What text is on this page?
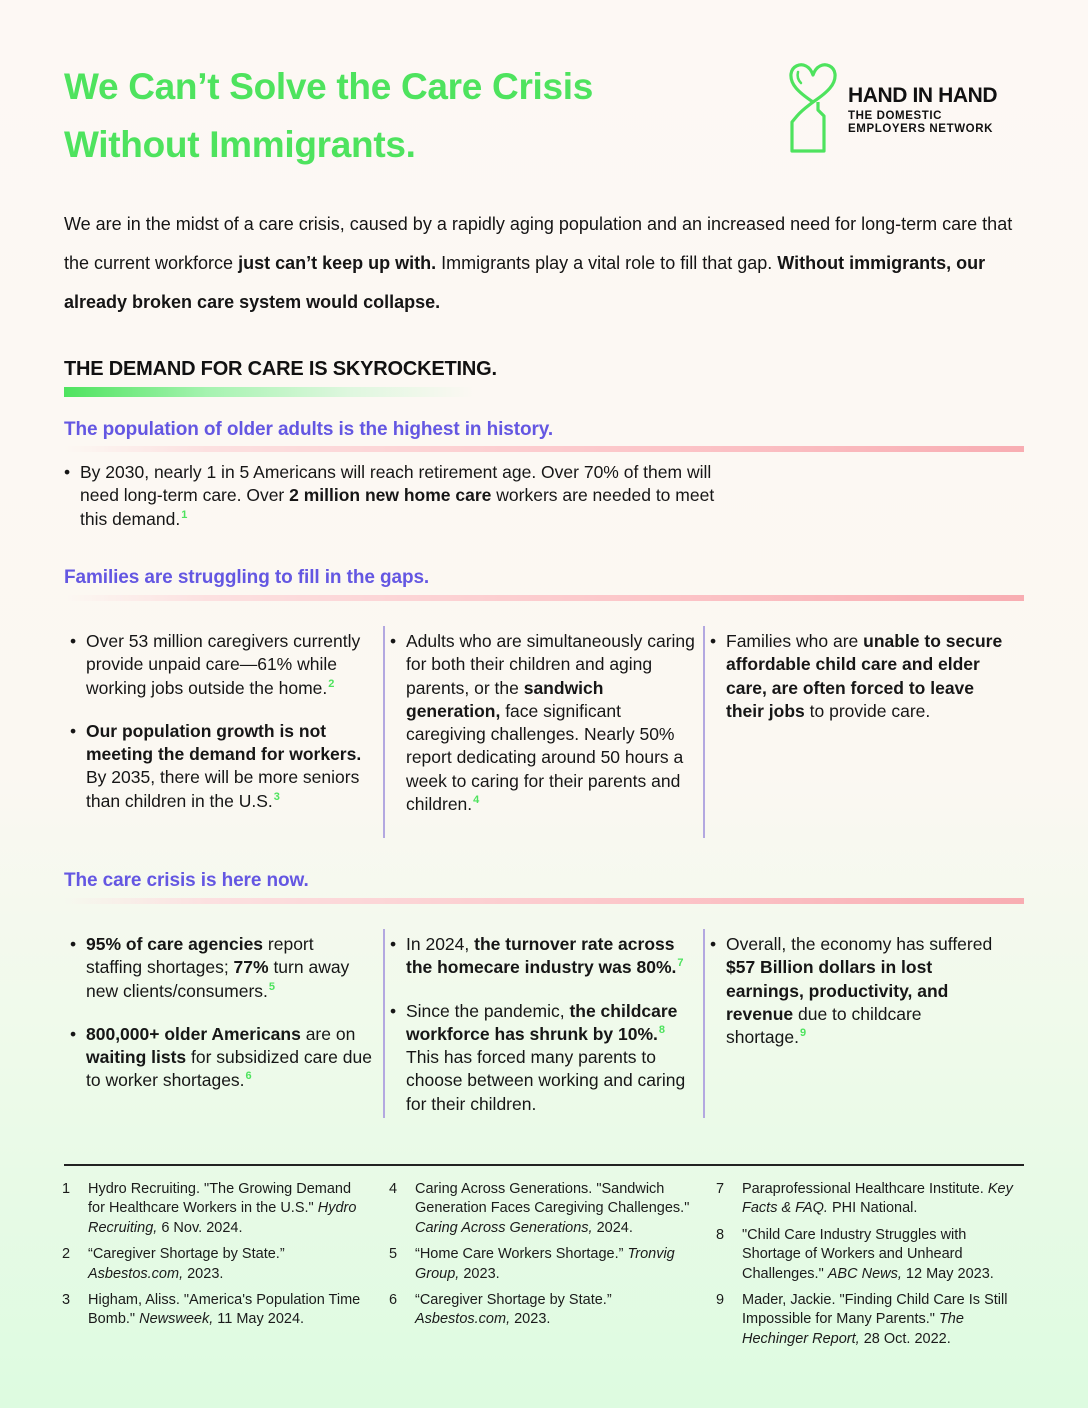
We Can’t Solve the Care Crisis
Without Immigrants.
HAND IN HAND
THE DOMESTIC
EMPLOYERS NETWORK

We are in the midst of a care crisis, caused by a rapidly aging population and an increased need for long-term care that the current workforce just can’t keep up with. Immigrants play a vital role to fill that gap. Without immigrants, our already broken care system would collapse.

THE DEMAND FOR CARE IS SKYROCKETING.
The population of older adults is the highest in history.

• By 2030, nearly 1 in 5 Americans will reach retirement age. Over 70% of them will need long-term care. Over 2 million new home care workers are needed to meet this demand.$^1$

Families are struggling to fill in the gaps.

• Over 53 million caregivers currently provide unpaid care—61% while working jobs outside the home.$^2$

• Our population growth is not meeting the demand for workers. By 2035, there will be more seniors than children in the U.S.$^3$

• Adults who are simultaneously caring for both their children and aging parents, or the sandwich generation, face significant caregiving challenges. Nearly 50% report dedicating around 50 hours a week to caring for their parents and children.$^4$

• Families who are unable to secure affordable child care and elder care, are often forced to leave their jobs to provide care.

The care crisis is here now.

• 95% of care agencies report staffing shortages; 77% turn away new clients/consumers.$^5$

• 800,000+ older Americans are on waiting lists for subsidized care due to worker shortages.$^6$

• In 2024, the turnover rate across the homecare industry was 80%.$^7$

• Since the pandemic, the childcare workforce has shrunk by 10%.$^8$ This has forced many parents to choose between working and caring for their children.

• Overall, the economy has suffered $57 Billion dollars in lost earnings, productivity, and revenue due to childcare shortage.$^9$

1 Hydro Recruiting. "The Growing Demand for Healthcare Workers in the U.S." Hydro Recruiting, 6 Nov. 2024.

2 “Caregiver Shortage by State.” Asbestos.com, 2023.

3 Higham, Aliss. "America's Population Time Bomb." Newsweek, 11 May 2024.

4 Caring Across Generations. "Sandwich Generation Faces Caregiving Challenges." Caring Across Generations, 2024.

5 “Home Care Workers Shortage.” Tronvig Group, 2023.

6 “Caregiver Shortage by State.” Asbestos.com, 2023.

7 Paraprofessional Healthcare Institute. Key Facts & FAQ. PHI National.

8 "Child Care Industry Struggles with Shortage of Workers and Unheard Challenges." ABC News, 12 May 2023.

9 Mader, Jackie. "Finding Child Care Is Still Impossible for Many Parents." The Hechinger Report, 28 Oct. 2022.
